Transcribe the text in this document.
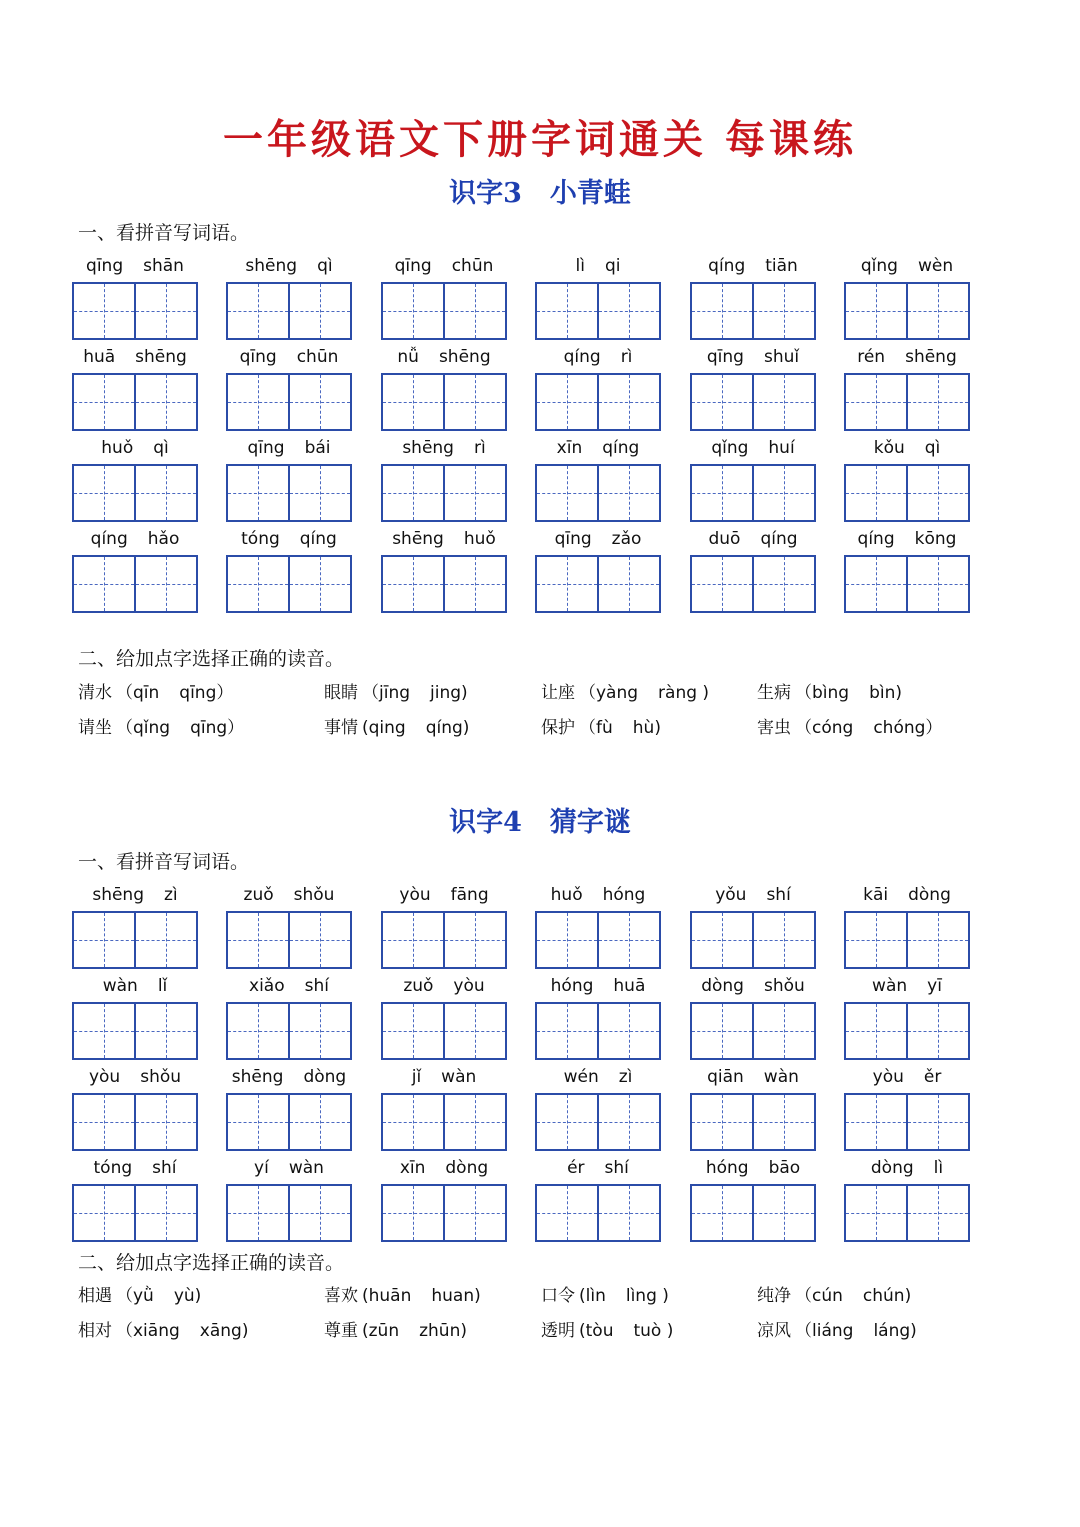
一年级语文下册字词通关 每课练
识字3 小青蛙
一、看拼音写词语。
qīng shān	shēng qì	qīng chūn	lì qi	qíng tiān	qǐng wèn
huā shēng	qīng chūn	nǚ shēng	qíng rì	qīng shuǐ	rén shēng
huǒ qì	qīng bái	shēng rì	xīn qíng	qǐng huí	kǒu qì
qíng hǎo	tóng qíng	shēng huǒ	qīng zǎo	duō qíng	qíng kōng
二、给加点字选择正确的读音。
清水 （qīn qīng）	眼睛 （jīng jing)	让座 （yàng ràng )	生病 （bìng bìn)
请坐 （qǐng qīng）	事情 (qing qíng)	保护 （fù hù)	害虫 （cóng chóng）
识字4 猜字谜
一、看拼音写词语。
shēng zì	zuǒ shǒu	yòu fāng	huǒ hóng	yǒu shí	kāi dòng
wàn lǐ	xiǎo shí	zuǒ yòu	hóng huā	dòng shǒu	wàn yī
yòu shǒu	shēng dòng	jǐ wàn	wén zì	qiān wàn	yòu ěr
tóng shí	yí wàn	xīn dòng	ér shí	hóng bāo	dòng lì
二、给加点字选择正确的读音。
相遇 （yǜ yù)	喜欢 (huān huan)	口令 (lìn lìng )	纯净 （cún chún)
相对 （xiāng xāng)	尊重 (zūn zhūn)	透明 (tòu tuò )	凉风 （liáng láng)
